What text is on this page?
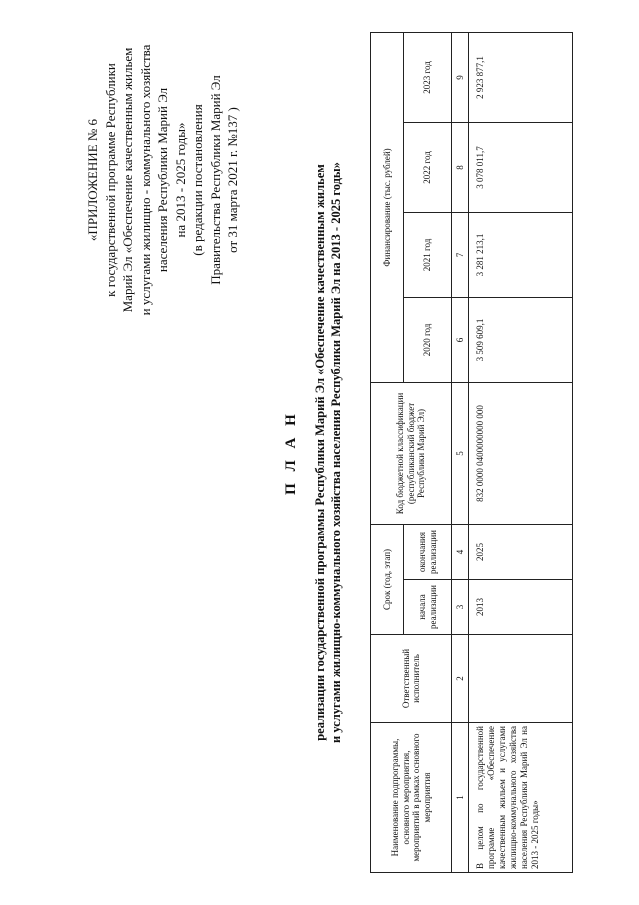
«ПРИЛОЖЕНИЕ № 6 к государственной программе Республики Марий Эл «Обеспечение качественным жильем и услугами жилищно - коммунального хозяйства населения Республики Марий Эл на 2013 - 2025 годы» (в редакции постановления Правительства Республики Марий Эл от 31 марта 2021 г. №137 )
П Л А Н реализации государственной программы Республики Марий Эл «Обеспечение качественным жильем и услугами жилищно-коммунального хозяйства населения Республики Марий Эл на 2013 - 2025 годы»
Наименование подпрограммы, основного мероприятия, мероприятий в рамках основного мероприятия	Ответственный исполнитель	Срок (год, этап)		Код бюджетной классификации (республиканский бюджет Республики Марий Эл)	Финансирование (тыс. рублей)			
		начала реализации	окончания реализации		2020 год	2021 год	2022 год	2023 год
1	2	3	4	5	6	7	8	9
В целом по государственной программе «Обеспечение качественным жильем и услугами жилищно-коммунального хозяйства населения Республики Марий Эл на 2013 - 2025 годы»		2013	2025	832 0000 0400000000 000	3 509 609,1	3 281 213,1	3 078 011,7	2 923 877,1
